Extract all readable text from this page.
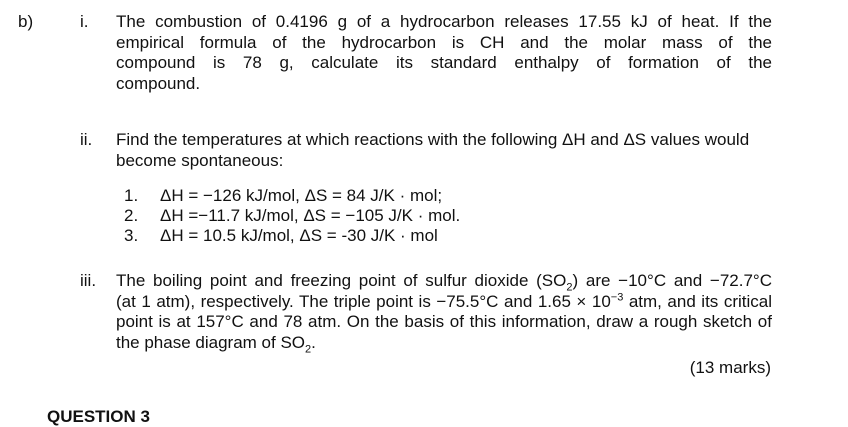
b)	i. The combustion of 0.4196 g of a hydrocarbon releases 17.55 kJ of heat. If the
empirical formula of the hydrocarbon is CH and the molar mass of the
compound is 78 g, calculate its standard enthalpy of formation of the
compound.
ii. Find the temperatures at which reactions with the following ΔH and ΔS values would
become spontaneous:
1. ΔH = −126 kJ/mol, ΔS = 84 J/K · mol;
2. ΔH =−11.7 kJ/mol, ΔS = −105 J/K · mol.
3. ΔH = 10.5 kJ/mol, ΔS = -30 J/K · mol
iii. The boiling point and freezing point of sulfur dioxide $(SO_2)$ are −10°C and −72.7°C
(at 1 atm), respectively. The triple point is −75.5°C and $1.65 \times 10^{-3}$ atm, and its critical
point is at 157°C and 78 atm. On the basis of this information, draw a rough sketch of
the phase diagram of $SO_2$.
(13 marks)
QUESTION 3
